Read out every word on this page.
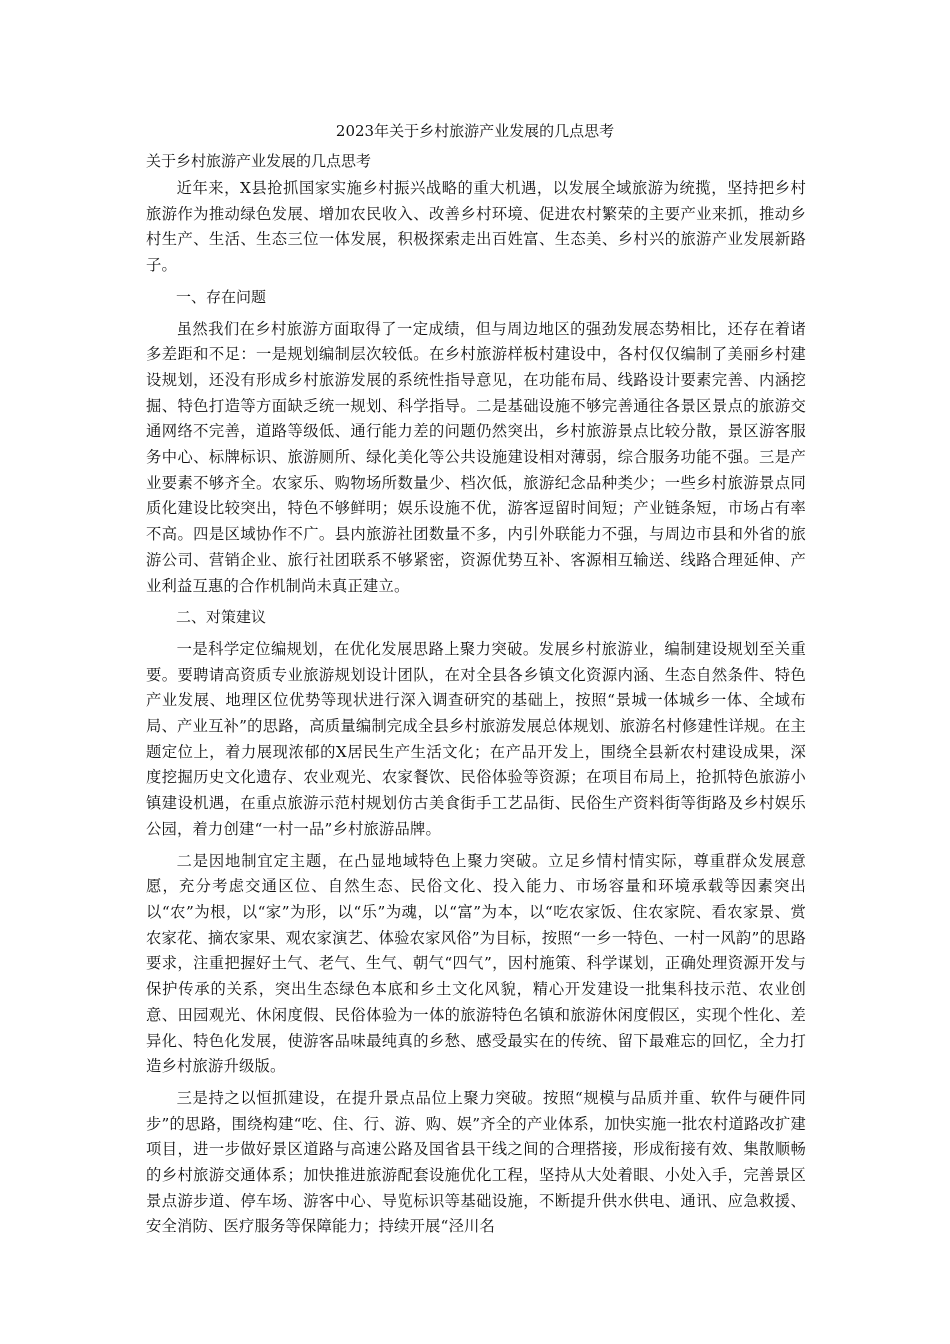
2023年关于乡村旅游产业发展的几点思考
关于乡村旅游产业发展的几点思考

近年来，X县抢抓国家实施乡村振兴战略的重大机遇，以发展全域旅游为统揽，坚持把乡村旅游作为推动绿色发展、增加农民收入、改善乡村环境、促进农村繁荣的主要产业来抓，推动乡村生产、生活、生态三位一体发展，积极探索走出百姓富、生态美、乡村兴的旅游产业发展新路子。

一、存在问题

虽然我们在乡村旅游方面取得了一定成绩，但与周边地区的强劲发展态势相比，还存在着诸多差距和不足：一是规划编制层次较低。在乡村旅游样板村建设中，各村仅仅编制了美丽乡村建设规划，还没有形成乡村旅游发展的系统性指导意见，在功能布局、线路设计要素完善、内涵挖掘、特色打造等方面缺乏统一规划、科学指导。二是基础设施不够完善通往各景区景点的旅游交通网络不完善，道路等级低、通行能力差的问题仍然突出，乡村旅游景点比较分散，景区游客服务中心、标牌标识、旅游厕所、绿化美化等公共设施建设相对薄弱，综合服务功能不强。三是产业要素不够齐全。农家乐、购物场所数量少、档次低，旅游纪念品种类少；一些乡村旅游景点同质化建设比较突出，特色不够鲜明；娱乐设施不优，游客逗留时间短；产业链条短，市场占有率不高。四是区域协作不广。县内旅游社团数量不多，内引外联能力不强，与周边市县和外省的旅游公司、营销企业、旅行社团联系不够紧密，资源优势互补、客源相互输送、线路合理延伸、产业利益互惠的合作机制尚未真正建立。

二、对策建议

一是科学定位编规划，在优化发展思路上聚力突破。发展乡村旅游业，编制建设规划至关重要。要聘请高资质专业旅游规划设计团队，在对全县各乡镇文化资源内涵、生态自然条件、特色产业发展、地理区位优势等现状进行深入调查研究的基础上，按照“景城一体城乡一体、全域布局、产业互补”的思路，高质量编制完成全县乡村旅游发展总体规划、旅游名村修建性详规。在主题定位上，着力展现浓郁的X居民生产生活文化；在产品开发上，围绕全县新农村建设成果，深度挖掘历史文化遗存、农业观光、农家餐饮、民俗体验等资源；在项目布局上，抢抓特色旅游小镇建设机遇，在重点旅游示范村规划仿古美食街手工艺品街、民俗生产资料街等街路及乡村娱乐公园，着力创建“一村一品”乡村旅游品牌。

二是因地制宜定主题，在凸显地域特色上聚力突破。立足乡情村情实际，尊重群众发展意愿，充分考虑交通区位、自然生态、民俗文化、投入能力、市场容量和环境承载等因素突出以“农”为根，以“家”为形，以“乐”为魂，以“富”为本，以“吃农家饭、住农家院、看农家景、赏农家花、摘农家果、观农家演艺、体验农家风俗”为目标，按照“一乡一特色、一村一风韵”的思路要求，注重把握好土气、老气、生气、朝气“四气”，因村施策、科学谋划，正确处理资源开发与保护传承的关系，突出生态绿色本底和乡土文化风貌，精心开发建设一批集科技示范、农业创意、田园观光、休闲度假、民俗体验为一体的旅游特色名镇和旅游休闲度假区，实现个性化、差异化、特色化发展，使游客品味最纯真的乡愁、感受最实在的传统、留下最难忘的回忆，全力打造乡村旅游升级版。

三是持之以恒抓建设，在提升景点品位上聚力突破。按照“规模与品质并重、软件与硬件同步”的思路，围绕构建“吃、住、行、游、购、娱”齐全的产业体系，加快实施一批农村道路改扩建项目，进一步做好景区道路与高速公路及国省县干线之间的合理搭接，形成衔接有效、集散顺畅的乡村旅游交通体系；加快推进旅游配套设施优化工程，坚持从大处着眼、小处入手，完善景区景点游步道、停车场、游客中心、导览标识等基础设施，不断提升供水供电、通讯、应急救援、安全消防、医疗服务等保障能力；持续开展“泾川名
